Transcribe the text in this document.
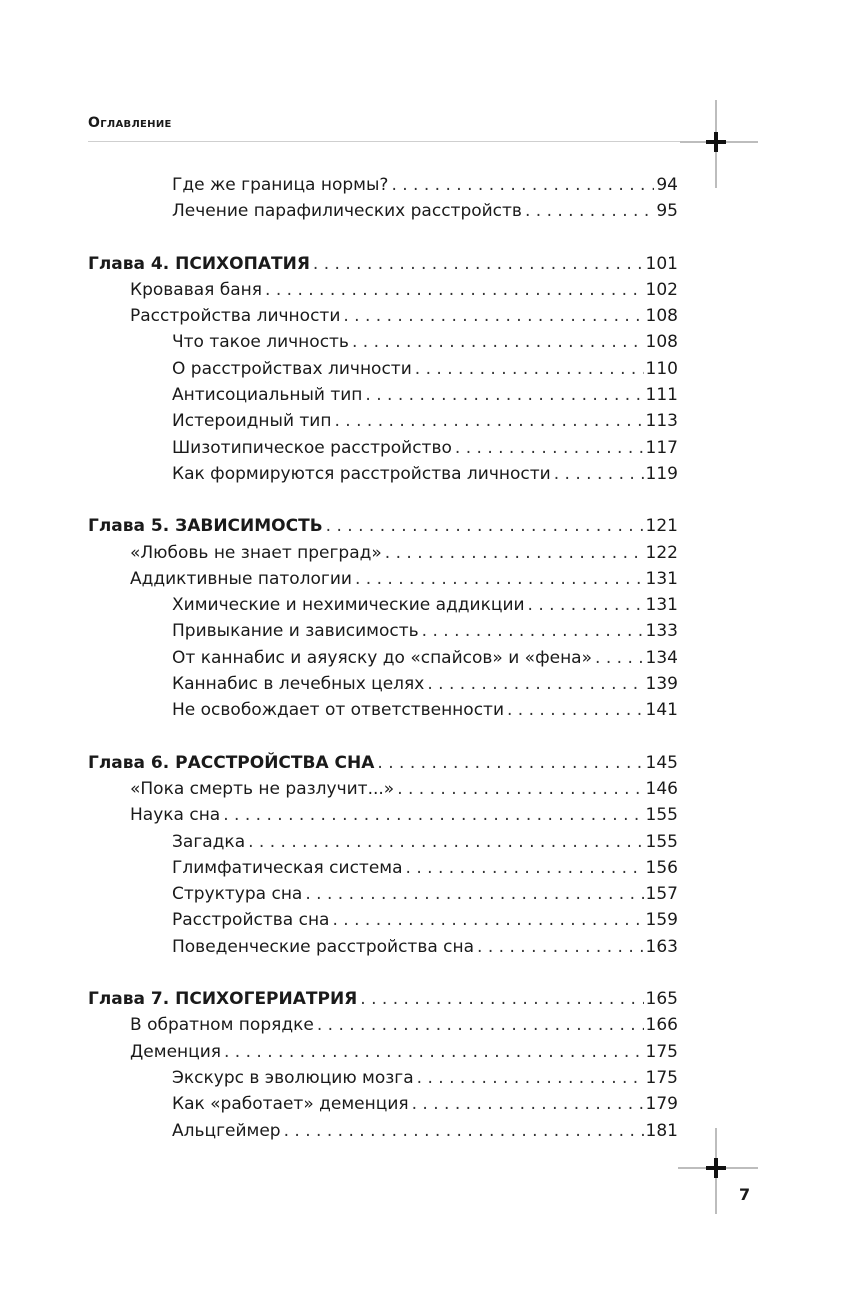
Оглавление
Где же граница нормы? . . .	94
Лечение парафилических расстройств . . .	95
Глава 4. ПСИХОПАТИЯ . . .	101
Кровавая баня . . .	102
Расстройства личности . . .	108
Что такое личность . . .	108
О расстройствах личности . . .	110
Антисоциальный тип . . .	111
Истероидный тип . . .	113
Шизотипическое расстройство . . .	117
Как формируются расстройства личности . . .	119
Глава 5. ЗАВИСИМОСТЬ . . .	121
«Любовь не знает преград» . . .	122
Аддиктивные патологии . . .	131
Химические и нехимические аддикции . . .	131
Привыкание и зависимость . . .	133
От каннабис и аяуяску до «спайсов» и «фена» . . .	134
Каннабис в лечебных целях . . .	139
Не освобождает от ответственности . . .	141
Глава 6. РАССТРОЙСТВА СНА . . .	145
«Пока смерть не разлучит...» . . .	146
Наука сна . . .	155
Загадка . . .	155
Глимфатическая система . . .	156
Структура сна . . .	157
Расстройства сна . . .	159
Поведенческие расстройства сна . . .	163
Глава 7. ПСИХОГЕРИАТРИЯ . . .	165
В обратном порядке . . .	166
Деменция . . .	175
Экскурс в эволюцию мозга . . .	175
Как «работает» деменция . . .	179
Альцгеймер . . .	181
7
